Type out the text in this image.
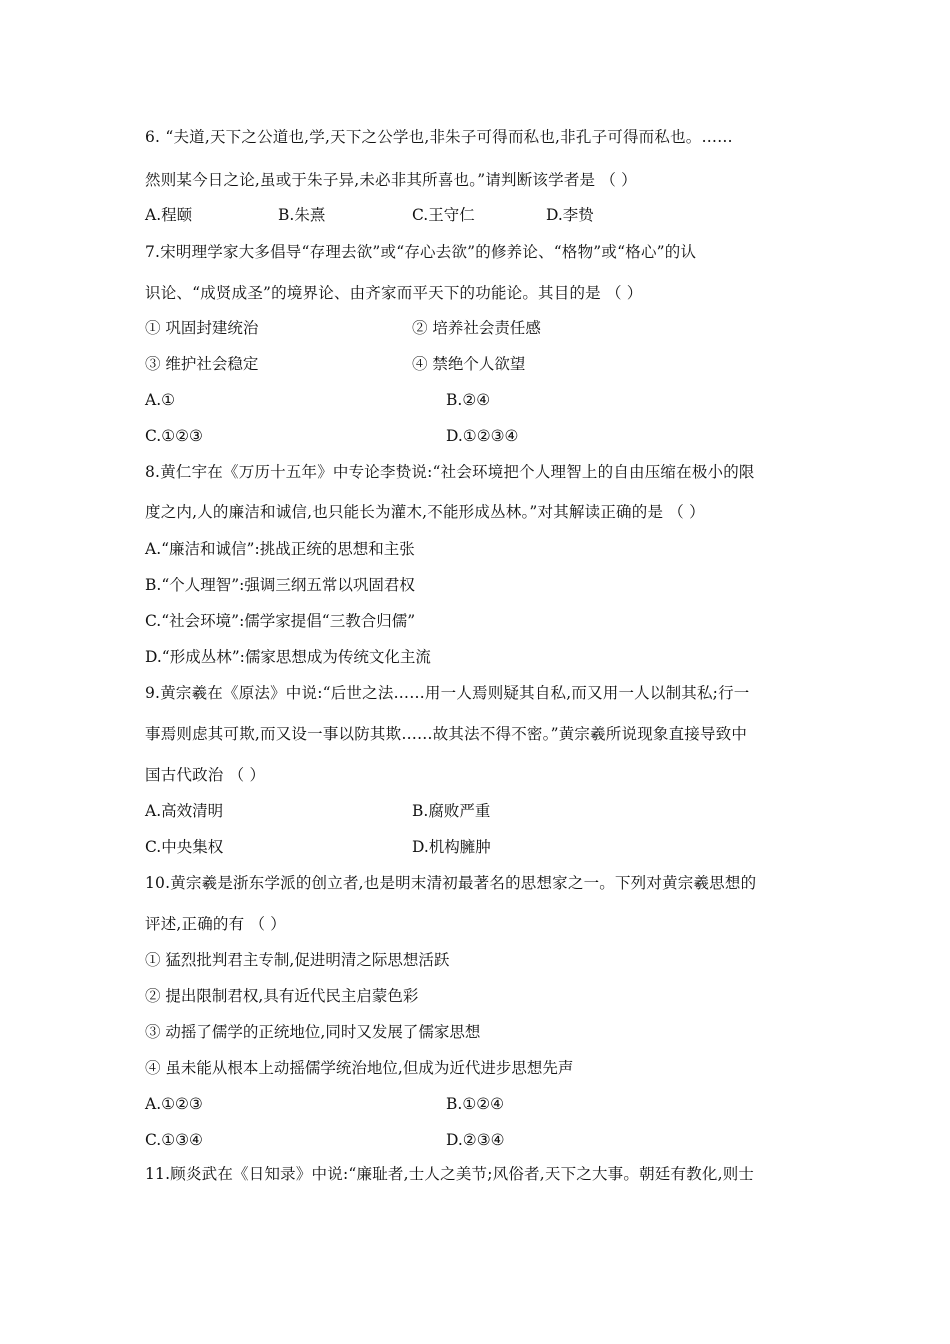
6. “夫道,天下之公道也,学,天下之公学也,非朱子可得而私也,非孔子可得而私也。……
然则某今日之论,虽或于朱子异,未必非其所喜也。”请判断该学者是 （ ）
A.程颐	B.朱熹	C.王守仁	D.李贽
7.宋明理学家大多倡导“存理去欲”或“存心去欲”的修养论、“格物”或“格心”的认
识论、“成贤成圣”的境界论、由齐家而平天下的功能论。其目的是 （ ）
① 巩固封建统治	② 培养社会责任感
③ 维护社会稳定	④ 禁绝个人欲望
A.①	B.②④
C.①②③	D.①②③④
8.黄仁宇在《万历十五年》中专论李贽说:“社会环境把个人理智上的自由压缩在极小的限
度之内,人的廉洁和诚信,也只能长为灌木,不能形成丛林。”对其解读正确的是 （ ）
A.“廉洁和诚信”:挑战正统的思想和主张
B.“个人理智”:强调三纲五常以巩固君权
C.“社会环境”:儒学家提倡“三教合归儒”
D.“形成丛林”:儒家思想成为传统文化主流
9.黄宗羲在《原法》中说:“后世之法……用一人焉则疑其自私,而又用一人以制其私;行一
事焉则虑其可欺,而又设一事以防其欺……故其法不得不密。”黄宗羲所说现象直接导致中
国古代政治 （ ）
A.高效清明	B.腐败严重
C.中央集权	D.机构臃肿
10.黄宗羲是浙东学派的创立者,也是明末清初最著名的思想家之一。下列对黄宗羲思想的
评述,正确的有 （ ）
① 猛烈批判君主专制,促进明清之际思想活跃
② 提出限制君权,具有近代民主启蒙色彩
③ 动摇了儒学的正统地位,同时又发展了儒家思想
④ 虽未能从根本上动摇儒学统治地位,但成为近代进步思想先声
A.①②③	B.①②④
C.①③④	D.②③④
11.顾炎武在《日知录》中说:“廉耻者,士人之美节;风俗者,天下之大事。朝廷有教化,则士
